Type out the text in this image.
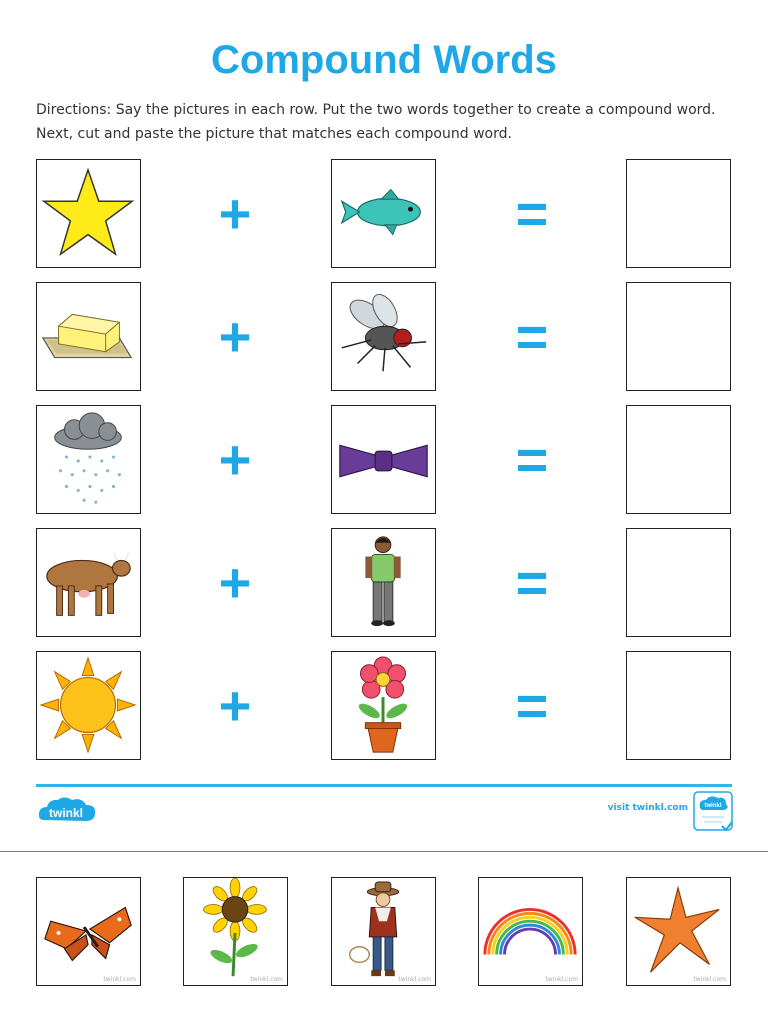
Compound Words

Directions: Say the pictures in each row. Put the two words together to create a compound word.

Next, cut and paste the picture that matches each compound word.

+	=
+	=
+	=
+	=
+	=
twinkl	visit twinkl.com	twinkl
twinkl.com	twinkl.com	twinkl.com	twinkl.com	twinkl.com
